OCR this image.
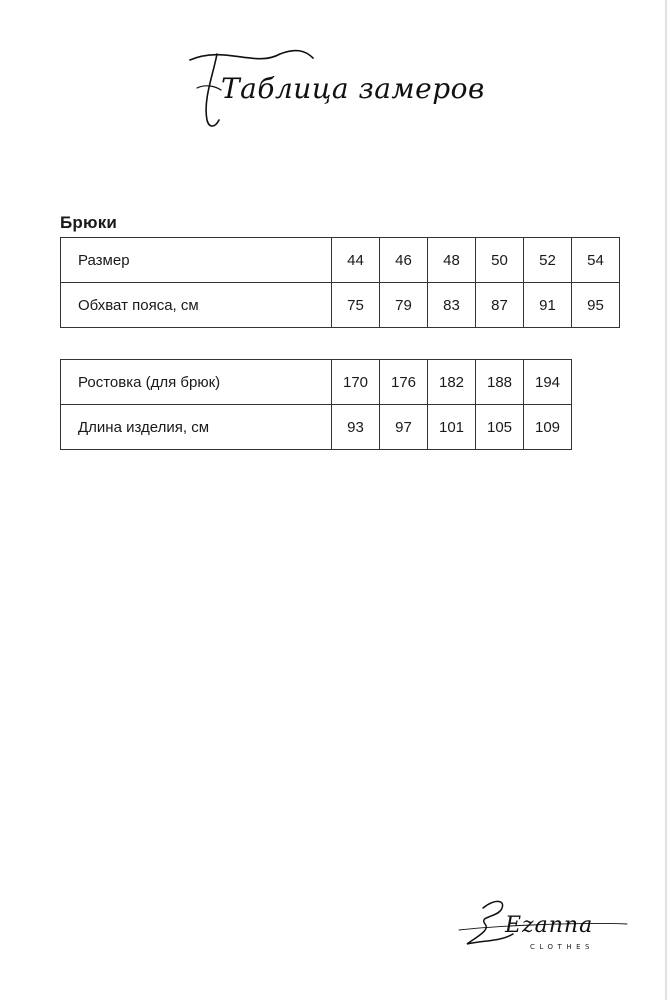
Таблица замеров
Брюки
Размер	44	46	48	50	52	54
Обхват пояса, см	75	79	83	87	91	95
Ростовка (для брюк)	170	176	182	188	194
Длина изделия, см	93	97	101	105	109
Ezanna
CLOTHES
